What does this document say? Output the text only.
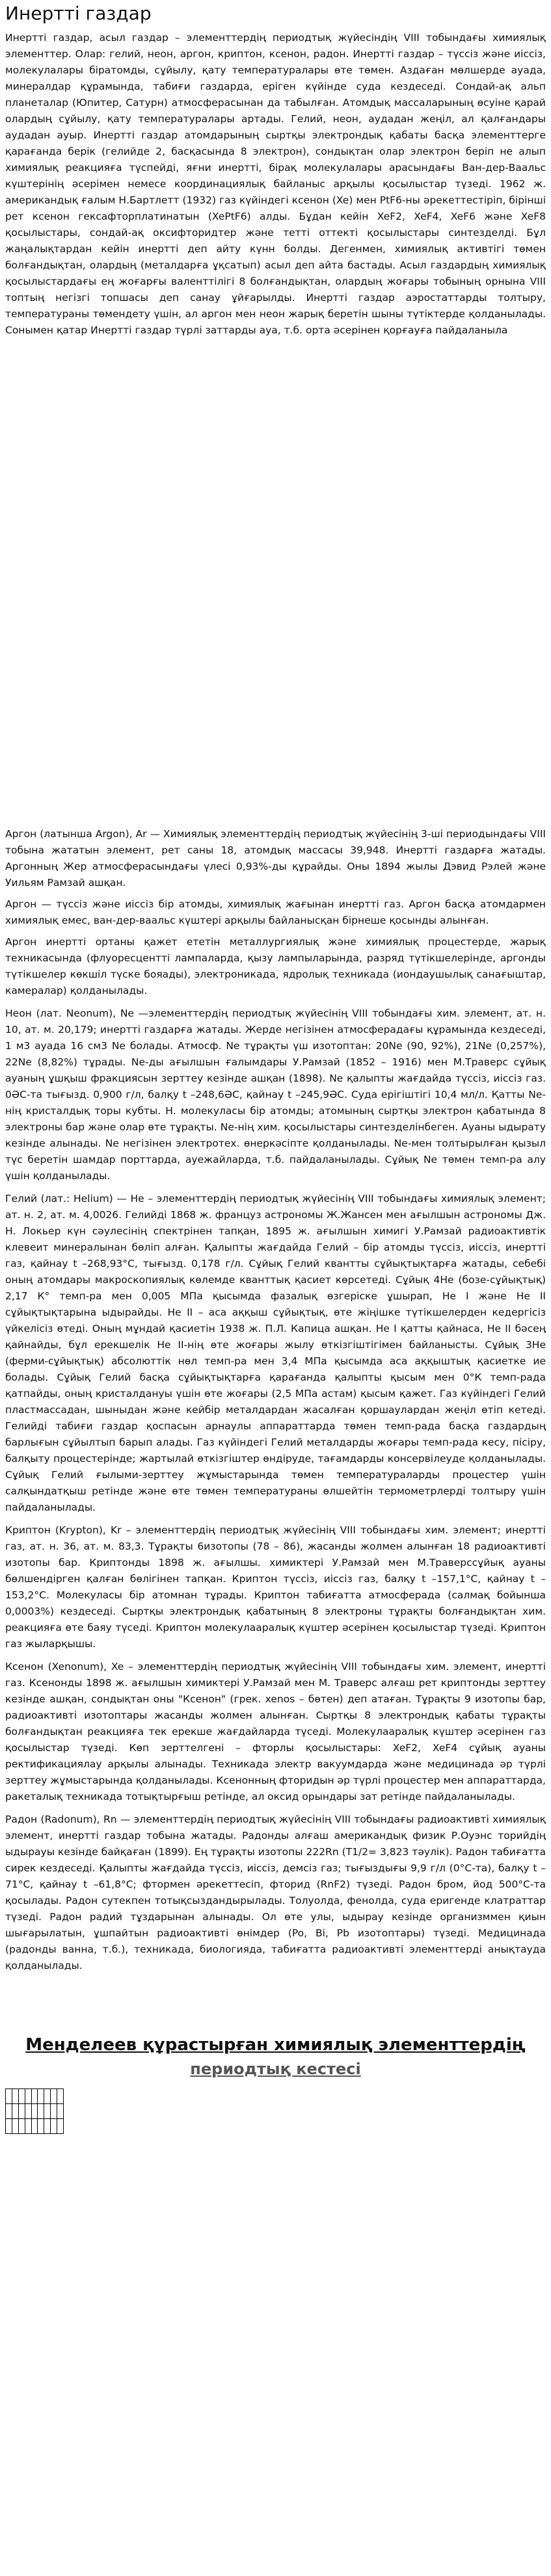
Инертті газдар

Инертті газдар, асыл газдар – элементтердің периодтық жүйесіндің VIII тобындағы химиялық элементтер. Олар: гелий, неон, аргон, криптон, ксенон, радон. Инертті газдар – түссіз және иіссіз, молекулалары біратомды, сұйылу, қату температуралары өте төмен. Аздаған мөлшерде ауада, минералдар құрамында, табиғи газдарда, еріген күйінде суда кездеседі. Сондай-ақ альп планеталар (Юпитер, Сатурн) атмосферасынан да табылған. Атомдық массаларының өсуіне қарай олардың сұйылу, қату температуралары артады. Гелий, неон, аудадан жеңіл, ал қалғандары аудадан ауыр. Инертті газдар атомдарының сыртқы электрондық қабаты басқа элементтерге қарағанда берік (гелийде 2, басқасында 8 электрон), сондықтан олар электрон беріп не алып химиялық реакцияға түспейді, яғни инертті, бірақ молекулалары арасындағы Ван-дер-Ваальс күштерінің әсерімен немесе координациялық байланыс арқылы қосылыстар түзеді. 1962 ж. американдық ғалым Н.Бартлетт (1932) газ күйіндегі ксенон (Xe) мен PtF6-ны әрекеттестіріп, бірінші рет ксенон гексафторплатинатын (XePtF6) алды. Бұдан кейін XeF2, XeF4, XeF6 және XeF8 қосылыстары, сондай-ақ оксифторидтер және тетті оттекті қосылыстары синтезделді. Бұл жаңалықтардан кейін инертті деп айту күнн болды. Дегенмен, химиялық активтігі төмен болғандықтан, олардың (металдарға ұқсатып) асыл деп айта бастады. Асыл газдардың химиялық қосылыстардағы ең жоғарғы валенттілігі 8 болғандықтан, олардың жоғары тобының орнына VIII топтың негізгі топшасы деп санау ұйғарылды. Инертті газдар аэростаттарды толтыру, температураны төмендету үшін, ал аргон мен неон жарық беретін шыны түтіктерде қолданылады. Сонымен қатар Инертті газдар түрлі заттарды ауа, т.б. орта әсерінен қорғауға пайдаланыла

Аргон (латынша Argon), Ar — Химиялық элементтердің периодтық жүйесінің 3-ші периодындағы VIII тобына жататын элемент, рет саны 18, атомдық массасы 39,948. Инертті газдарға жатады. Аргонның Жер атмосферасындағы үлесі 0,93%-ды құрайды. Оны 1894 жылы Дэвид Рэлей және Уильям Рамзай ашқан.

Аргон — түссіз және иіссіз бір атомды, химиялық жағынан инертті газ. Аргон басқа атомдармен химиялық емес, ван-дер-ваальс күштері арқылы байланысқан бірнеше қосынды алынған.

Аргон инертті ортаны қажет ететін металлургиялық және химиялық процестерде, жарық техникасында (флуоресценттi лампаларда, қызу лампыларында, разряд түтікшелерінде, аргонды түтікшелер көкшіл түске бояады), электроникада, ядролық техникада (иондаушылық санағыштар, камералар) қолданылады.

Неон (лат. Neonum), Ne —элементтердің периодтық жүйесінің VIII тобындағы хим. элемент, ат. н. 10, ат. м. 20,179; инертті газдарға жатады. Жерде негізінен атмосферадағы құрамында кездеседі, 1 м3 ауада 16 см3 Ne болады. Атмосф. Ne тұрақты үш изотоптан: 20Ne (90, 92%), 21Ne (0,257%), 22Ne (8,82%) тұрады. Ne-ды ағылшын ғалымдары У.Рамзай (1852 – 1916) мен М.Траверс сұйық ауаның ұшқыш фракциясын зерттеу кезінде ашқан (1898). Ne қалыпты жағдайда түссіз, иіссіз газ. 0ӘС-та тығызд. 0,900 г/л, балқу t –248,6ӘС, қайнау t –245,9ӘС. Суда ерігіштігі 10,4 мл/л. Қатты Ne-нің кристалдық торы кубты. Н. молекуласы бір атомды; атомының сыртқы электрон қабатында 8 электроны бар және олар өте тұрақты. Ne-нің хим. қосылыстары синтезделінбеген. Ауаны ыдырату кезінде алынады. Ne негізінен электротех. өнеркәсіпте қолданылады. Ne-мен толтырылған қызыл түс беретін шамдар порттарда, ауежайларда, т.б. пайдаланылады. Сұйық Ne төмен темп-ра алу үшін қолданылады.

Гелий (лат.: Helium) — He – элементтердің периодтық жүйесінің VIII тобындағы химиялық элемент; ат. н. 2, ат. м. 4,0026. Гелийді 1868 ж. француз астрономы Ж.Жансен мен ағылшын астрономы Дж. Н. Локьер күн сәулесінің спектрінен тапқан, 1895 ж. ағылшын химигі У.Рамзай радиоактивтік клевеит минералынан бөліп алған. Қалыпты жағдайда Гелий – бір атомды түссіз, иіссіз, инертті газ, қайнау t –268,93°С, тығызд. 0,178 г/л. Сұйық Гелий квантты сұйықтықтарға жатады, себебі оның атомдары макроскопиялық көлемде кванттық қасиет көрсетеді. Сұйық 4He (бозе-сұйықтық) 2,17 К° темп-ра мен 0,005 МПа қысымда фазалық өзгеріске ұшырап, Не I және Не II сұйықтықтарына ыдырайды. Не II – аса аққыш сұйықтық, өте жіңішке түтікшелерден кедергісіз үйкелісіз өтеді. Оның мұндай қасиетін 1938 ж. П.Л. Капица ашқан. Не I қатты қайнаса, Не II бәсең қайнайды, бұл ерекшелік Не II-нің өте жоғары жылу өткізгіштігімен байланысты. Сұйық 3He (ферми-сұйықтық) абсолюттік нөл темп-ра мен 3,4 МПа қысымда аса аққыштық қасиетке ие болады. Сұйық Гелий басқа сұйықтықтарға қарағанда қалыпты қысым мен 0°К темп-рада қатпайды, оның кристалдануы үшін өте жоғары (2,5 МПа астам) қысым қажет. Газ күйіндегі Гелий пластмассадан, шыныдан және кейбір металдардан жасалған қоршаулардан жеңіл өтіп кетеді. Гелийді табиғи газдар қоспасын арнаулы аппараттарда төмен темп-рада басқа газдардың барлығын сұйылтып барып алады. Газ күйіндегі Гелий металдарды жоғары темп-рада кесу, пісіру, балқыту процестерінде; жартылай өткізгіштер өндіруде, тағамдарды консервілеуде қолданылады. Сұйық Гелий ғылыми-зерттеу жұмыстарында төмен температураларды процестер үшін салқындатқыш ретінде және өте төмен температураны өлшейтін термометрлерді толтыру үшін пайдаланылады.

Криптон (Krypton), Kr – элементтердің периодтық жүйесінің VIII тобындағы хим. элемент; инертті газ, ат. н. 36, ат. м. 83,3. Тұрақты 6изотопы (78 – 86), жасанды жолмен алынған 18 радиоактивті изотопы бар. Криптонды 1898 ж. ағылшы. химиктері У.Рамзай мен М.Траверссұйық ауаны бөлшендірген қалған бөлігінен тапқан. Криптон түссіз, иіссіз газ, балқу t –157,1°С, қайнау t –153,2°С. Молекуласы бір атомнан тұрады. Криптон табиғатта атмосферада (салмақ бойынша 0,0003%) кездеседі. Сыртқы электрондық қабатының 8 электроны тұрақты болғандықтан хим. реакцияға өте баяу түседі. Криптон молекулааралық күштер әсерінен қосылыстар түзеді. Криптон газ жыларқышы.

Ксенон (Xenonum), Xe – элементтердің периодтық жүйесінің VIII тобындағы хим. элемент, инертті газ. Ксенонды 1898 ж. ағылшын химиктері У.Рамзай мен М. Траверс алғаш рет криптонды зерттеу кезінде ашқан, сондықтан оны "Ксенон" (грек. xenos – бөтен) деп атаған. Тұрақты 9 изотопы бар, радиоактивті изотоптары жасанды жолмен алынған. Сыртқы 8 электрондық қабаты тұрақты болғандықтан реакцияға тек ерекше жағдайларда түседі. Молекулааралық күштер әсерінен газ қосылыстар түзеді. Көп зерттелгені – фторлы қосылыстары: XeF2, XeF4 сұйық ауаны ректификациялау арқылы алынады. Техникада электр вакуумдарда және медицинада әр түрлі зерттеу жұмыстарында қолданылады. Ксенонның фторидын әр түрлі процестер мен аппараттарда, ракеталық техникада тотықтырғыш ретінде, ал оксид орындары зат ретінде пайдаланылады.

Радон (Radonum), Rn — элементтердің периодтық жүйесінің VIII тобындағы радиоактивті химиялық элемент, инертті газдар тобына жатады. Радонды алғаш американдық физик Р.Оуэнс торийдің ыдырауы кезінде байқаған (1899). Ең тұрақты изотопы 222Rn (T1/2= 3,823 тәулік). Радон табиғатта сирек кездеседі. Қалыпты жағдайда түссіз, иіссіз, демсіз газ; тығыздығы 9,9 г/л (0°С-та), балқу t –71°С, қайнау t –61,8°С; фтормен әрекеттесіп, фторид (RnF2) түзеді. Радон бром, йод 500°С-та қосылады. Радон сутекпен тотықсыздандырылады. Толуолда, фенолда, суда еригенде клатраттар түзеді. Радон радий тұздарынан алынады. Ол өте улы, ыдырау кезінде организммен қиын шығарылатын, ұшпайтын радиоактивті өнімдер (Po, Bi, Pb изотоптары) түзеді. Медицинада (радонды ванна, т.б.), техникада, биологияда, табиғатта радиоактивті элементтерді анықтауда қолданылады.

Менделеев құрастырған химиялық элементтердің
периодтық кестесі
